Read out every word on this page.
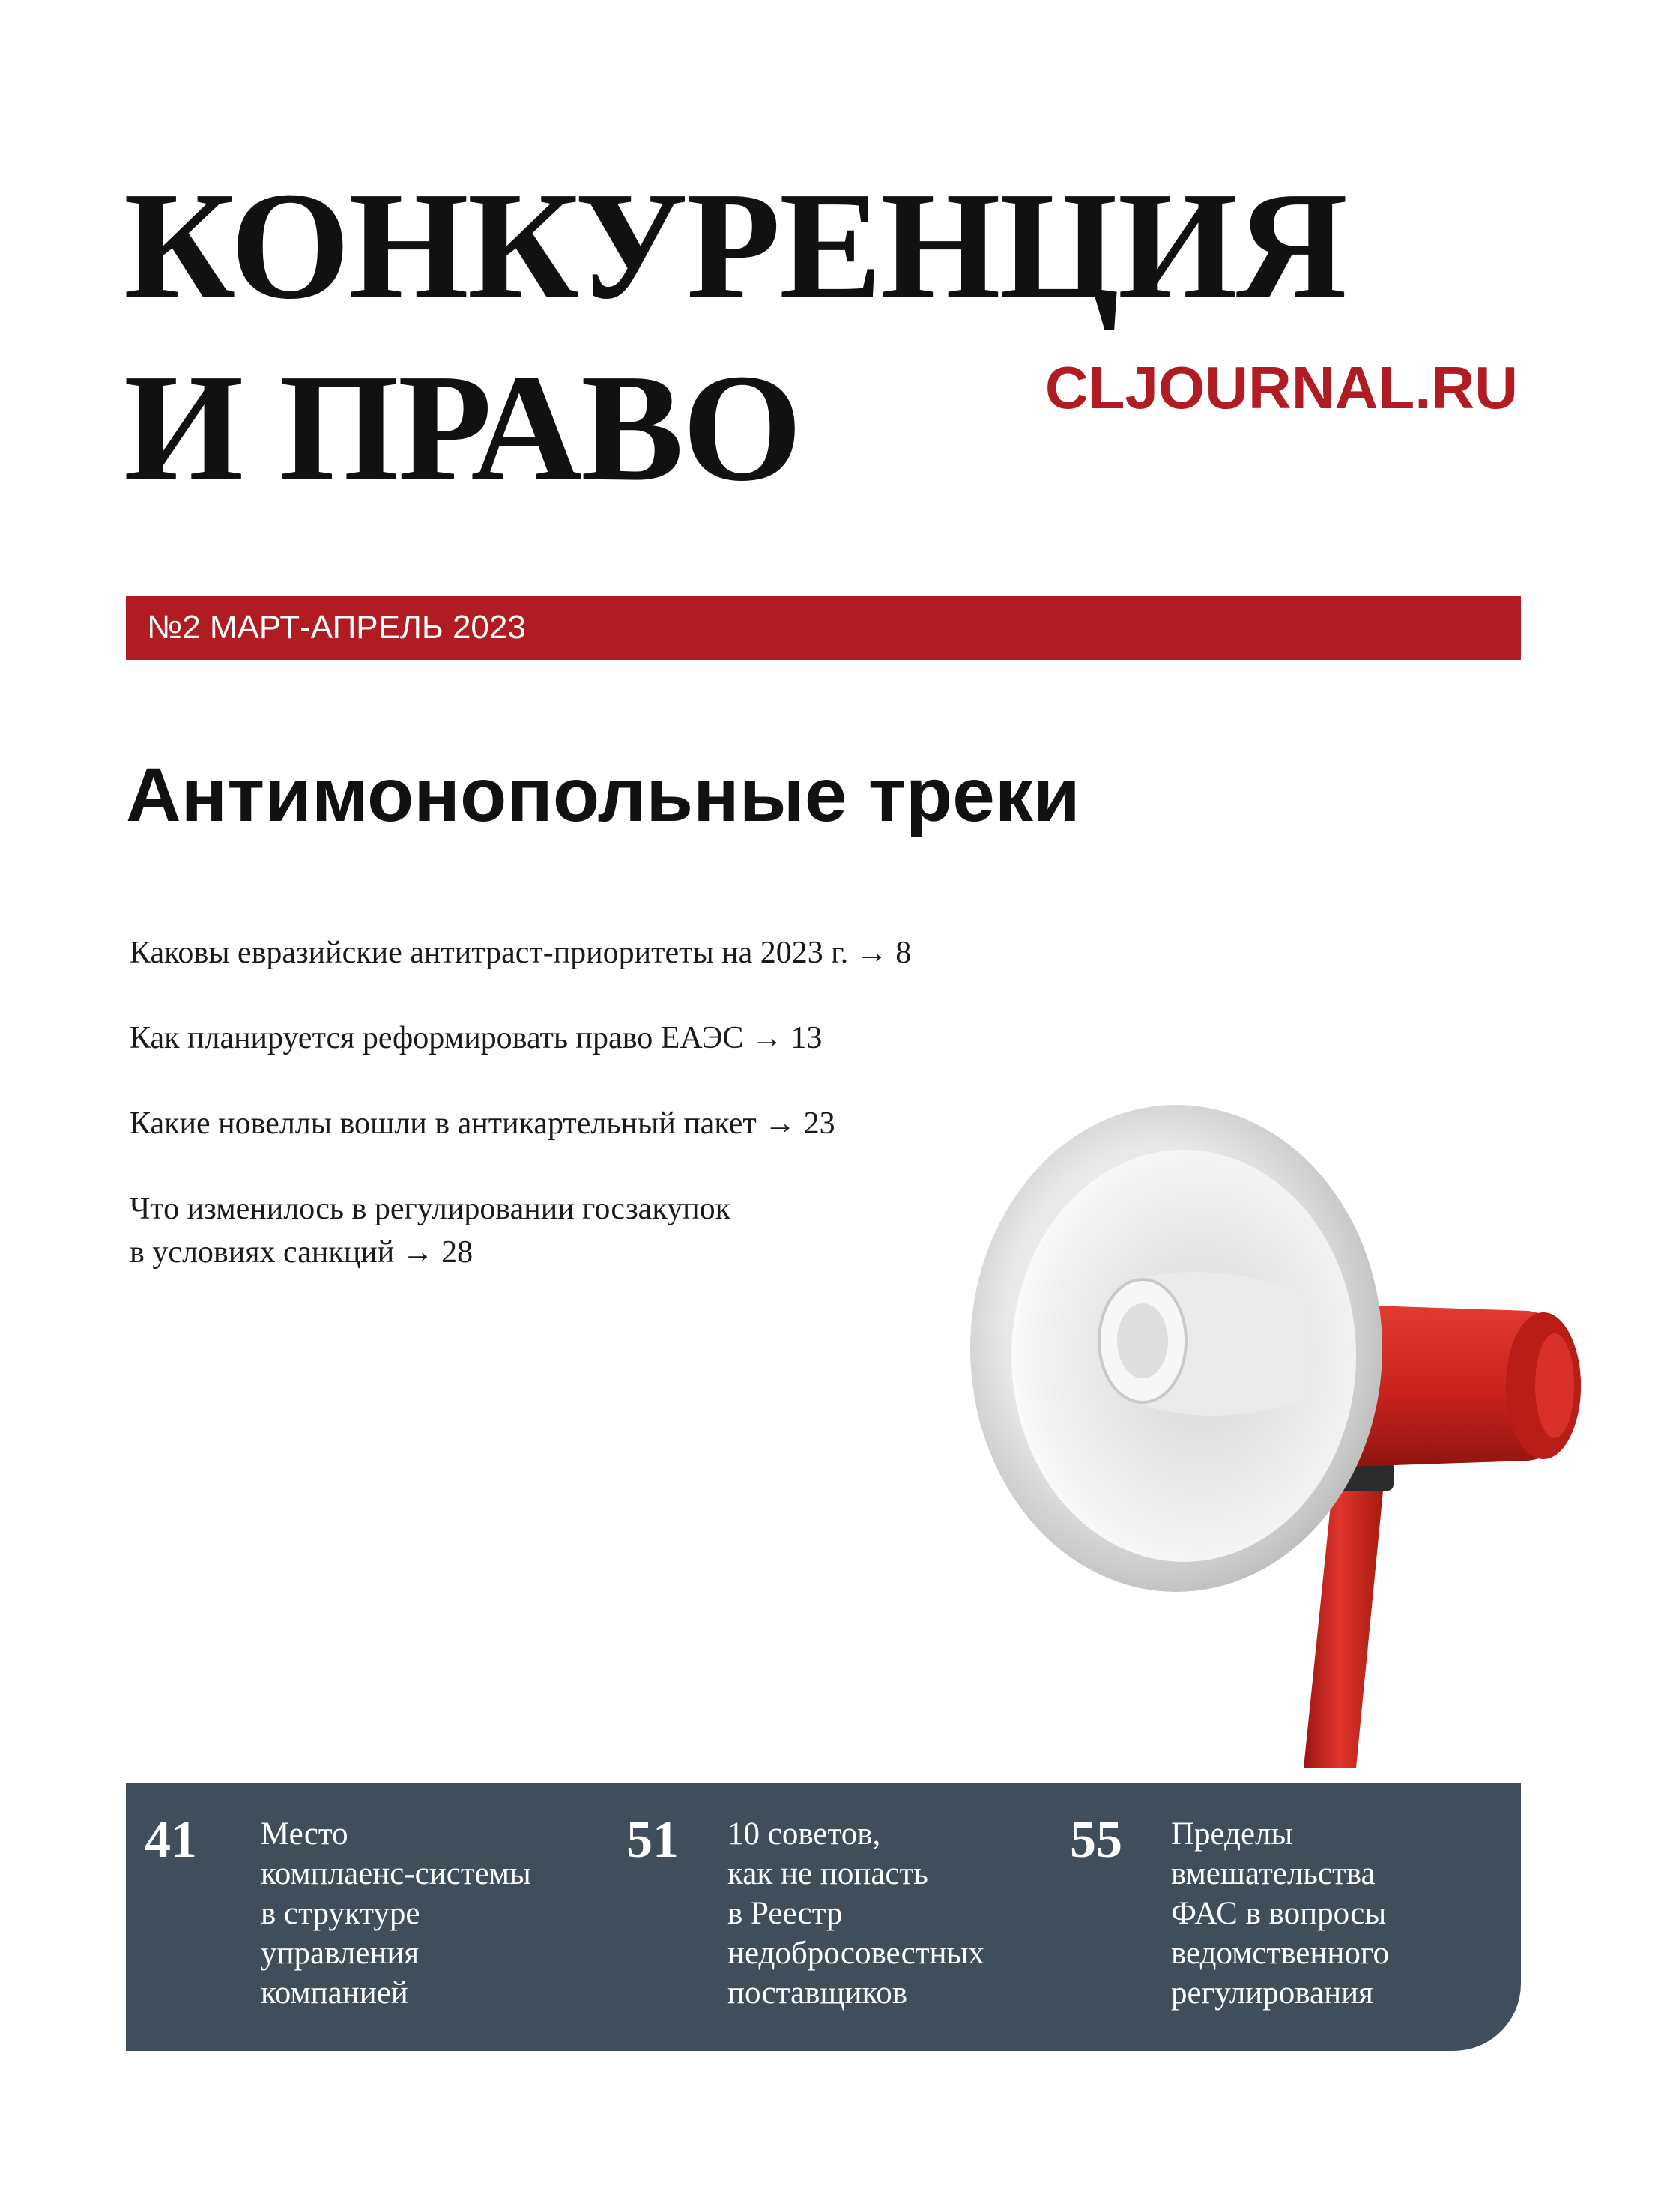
КОНКУРЕНЦИЯ
И ПРАВО	CLJOURNAL.RU
№2 МАРТ-АПРЕЛЬ 2023
Антимонопольные треки
Каковы евразийские антитраст-приоритеты на 2023 г. → 8
Как планируется реформировать право ЕАЭС → 13
Какие новеллы вошли в антикартельный пакет → 23
Что изменилось в регулировании госзакупок
в условиях санкций → 28
41 Место
комплаенс-системы
в структуре
управления
компанией
51 10 советов,
как не попасть
в Реестр
недобросовестных
поставщиков
55 Пределы
вмешательства
ФАС в вопросы
ведомственного
регулирования
